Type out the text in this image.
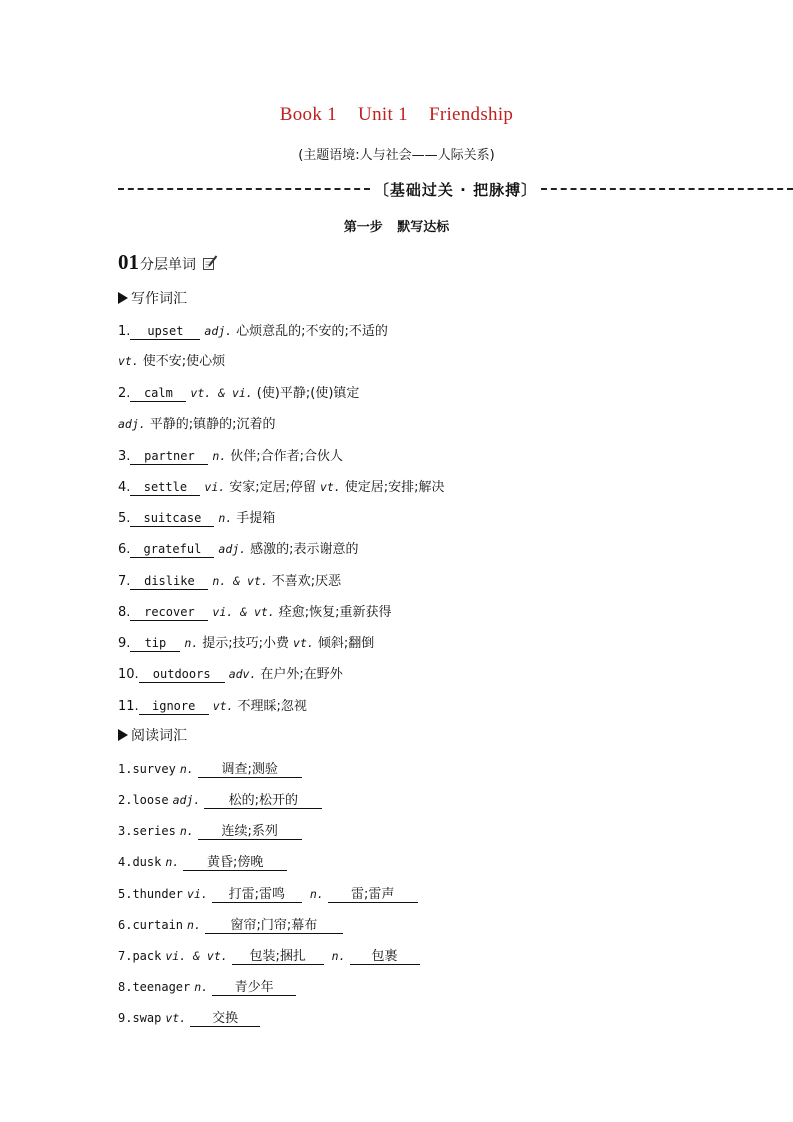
Book 1 Unit 1 Friendship
(主题语境:人与社会——人际关系)
〔基础过关 · 把脉搏〕
第一步 默写达标
01 分层单词
写作词汇
1. upset adj. 心烦意乱的;不安的;不适的
vt. 使不安;使心烦
2. calm vt. & vi. (使)平静;(使)镇定
adj. 平静的;镇静的;沉着的
3. partner n. 伙伴;合作者;合伙人
4. settle vi. 安家;定居;停留 vt. 使定居;安排;解决
5. suitcase n. 手提箱
6. grateful adj. 感激的;表示谢意的
7. dislike n. & vt. 不喜欢;厌恶
8. recover vi. & vt. 痊愈;恢复;重新获得
9. tip n. 提示;技巧;小费 vt. 倾斜;翻倒
10. outdoors adv. 在户外;在野外
11. ignore vt. 不理睬;忽视
阅读词汇
1.survey n. 调查;测验
2.loose adj. 松的;松开的
3.series n. 连续;系列
4.dusk n. 黄昏;傍晚
5.thunder vi. 打雷;雷鸣 n. 雷;雷声
6.curtain n. 窗帘;门帘;幕布
7.pack vi. & vt. 包装;捆扎 n. 包裹
8.teenager n. 青少年
9.swap vt. 交换
